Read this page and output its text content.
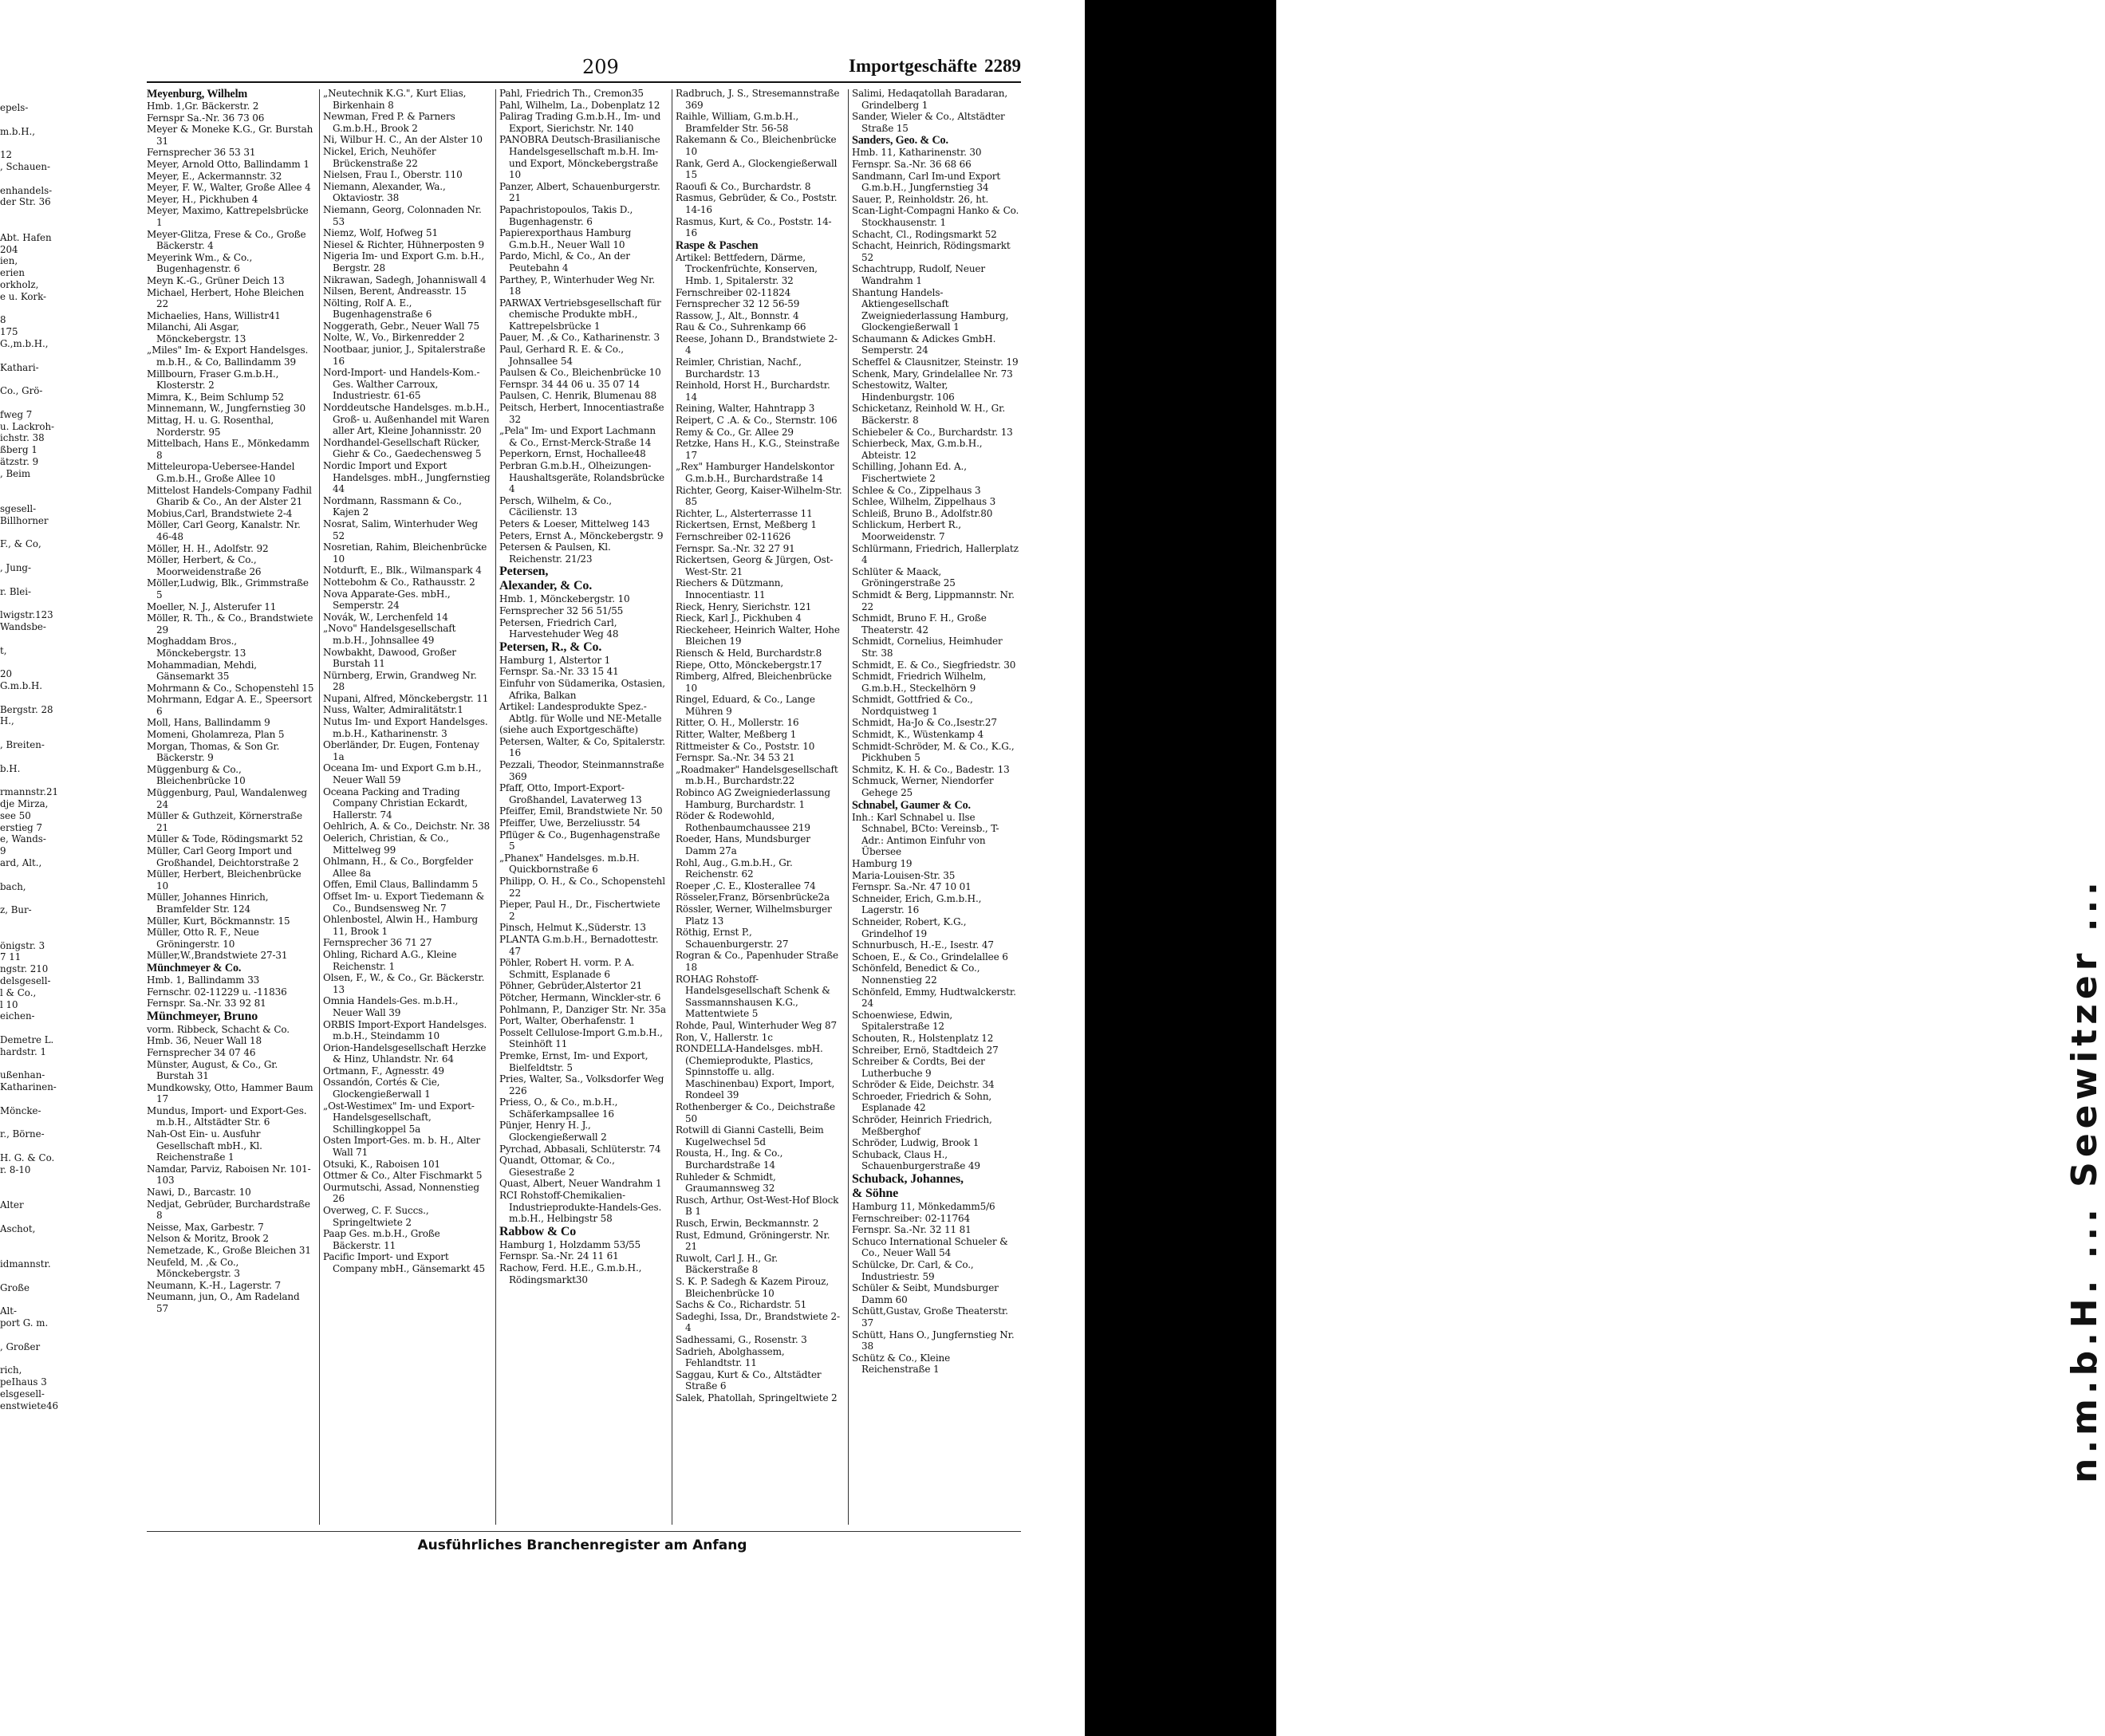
epels-

m.b.H.,

12
, Schauen-

enhandels-
der Str. 36

Abt. Hafen
204
ien,
erien
orkholz,
e u. Kork-

8
175
G.,m.b.H.,

Kathari-

Co., Grö-

fweg 7
u. Lackroh-
ichstr. 38
ßberg 1
ätzstr. 9
, Beim

sgesell-
Billhorner

F., & Co,

, Jung-

r. Blei-

lwigstr.123
Wandsbe-

t,

20
G.m.b.H.

Bergstr. 28
H.,

, Breiten-

b.H.

rmannstr.21
dje Mirza,
see 50
erstieg 7
e, Wands-
9
ard, Alt.,

bach,

z, Bur-

önigstr. 3
7 11
ngstr. 210
delsgesell-
l & Co.,
l 10
eichen-

Demetre L.
hardstr. 1

ußenhan-
Katharinen-

Möncke-

r., Börne-

H. G. & Co.
r. 8-10

Alter

Aschot,

idmannstr.

Große

Alt-
port G. m.

, Großer

rich,
peIhaus 3
elsgesell-
enstwiete46
209	Importgeschäfte 2289
Meyenburg, Wilhelm
Hmb. 1,Gr. Bäckerstr. 2
Fernspr Sa.-Nr. 36 73 06
Meyer & Moneke K.G., Gr. Burstah 31
Fernsprecher 36 53 31
Meyer, Arnold Otto, Ballindamm 1
Meyer, E., Ackermannstr. 32
Meyer, F. W., Walter, Große Allee 4
Meyer, H., Pickhuben 4
Meyer, Maximo, Kattrepelsbrücke 1
Meyer-Glitza, Frese & Co., Große Bäckerstr. 4
Meyerink Wm., & Co., Bugenhagenstr. 6
Meyn K.-G., Grüner Deich 13
Michael, Herbert, Hohe Bleichen 22
Michaelies, Hans, Willistr41
Milanchi, Ali Asgar, Mönckebergstr. 13
„Miles" Im- & Export Handelsges. m.b.H., & Co, Ballindamm 39
Millbourn, Fraser G.m.b.H., Klosterstr. 2
Mimra, K., Beim Schlump 52
Minnemann, W., Jungfernstieg 30
Mittag, H. u. G. Rosenthal, Norderstr. 95
Mittelbach, Hans E., Mönkedamm 8
Mitteleuropa-Uebersee-Handel G.m.b.H., Große Allee 10
Mittelost Handels-Company Fadhil Gharib & Co., An der Alster 21
Mobius,Carl, Brandstwiete 2-4
Möller, Carl Georg, Kanalstr. Nr. 46-48
Möller, H. H., Adolfstr. 92
Möller, Herbert, & Co., Moorweidenstraße 26
Möller,Ludwig, Blk., Grimmstraße 5
Moeller, N. J., Alsterufer 11
Möller, R. Th., & Co., Brandstwiete 29
Moghaddam Bros., Mönckebergstr. 13
Mohammadian, Mehdi, Gänsemarkt 35
Mohrmann & Co., Schopenstehl 15
Mohrmann, Edgar A. E., Speersort 6
Moll, Hans, Ballindamm 9
Momeni, Gholamreza, Plan 5
Morgan, Thomas, & Son Gr. Bäckerstr. 9
Müggenburg & Co., Bleichenbrücke 10
Müggenburg, Paul, Wandalenweg 24
Müller & Guthzeit, Körnerstraße 21
Müller & Tode, Rödingsmarkt 52
Müller, Carl Georg Import und Großhandel, Deichtorstraße 2
Müller, Herbert, Bleichenbrücke 10
Müller, Johannes Hinrich, Bramfelder Str. 124
Müller, Kurt, Böckmannstr. 15
Müller, Otto R. F., Neue Gröningerstr. 10
Müller,W.,Brandstwiete 27-31
Münchmeyer & Co.
Hmb. 1, Ballindamm 33
Fernschr. 02-11229 u. -11836
Fernspr. Sa.-Nr. 33 92 81
Münchmeyer, Bruno
vorm. Ribbeck, Schacht & Co.
Hmb. 36, Neuer Wall 18
Fernsprecher 34 07 46
Münster, August, & Co., Gr. Burstah 31
Mundkowsky, Otto, Hammer Baum 17
Mundus, Import- und Export-Ges. m.b.H., Altstädter Str. 6
Nah-Ost Ein- u. Ausfuhr Gesellschaft mbH., Kl. Reichenstraße 1
Namdar, Parviz, Raboisen Nr. 101-103
Nawi, D., Barcastr. 10
Nedjat, Gebrüder, Burchardstraße 8
Neisse, Max, Garbestr. 7
Nelson & Moritz, Brook 2
Nemetzade, K., Große Bleichen 31
Neufeld, M. ,& Co., Mönckebergstr. 3
Neumann, K.-H., Lagerstr. 7
Neumann, jun, O., Am Radeland 57
„Neutechnik K.G.", Kurt Elias, Birkenhain 8
Newman, Fred P. & Parners G.m.b.H., Brook 2
Ni, Wilbur H. C., An der Alster 10
Nickel, Erich, Neuhöfer Brückenstraße 22
Nielsen, Frau I., Oberstr. 110
Niemann, Alexander, Wa., Oktaviostr. 38
Niemann, Georg, Colonnaden Nr. 53
Niemz, Wolf, Hofweg 51
Niesel & Richter, Hühnerposten 9
Nigeria Im- und Export G.m. b.H., Bergstr. 28
Nikrawan, Sadegh, Johanniswall 4
Nilsen, Berent, Andreasstr. 15
Nölting, Rolf A. E., Bugenhagenstraße 6
Noggerath, Gebr., Neuer Wall 75
Nolte, W., Vo., Birkenredder 2
Nootbaar, junior, J., Spitalerstraße 16
Nord-Import- und Handels-Kom.-Ges. Walther Carroux, Industriestr. 61-65
Norddeutsche Handelsges. m.b.H., Groß- u. Außenhandel mit Waren aller Art, Kleine Johannisstr. 20
Nordhandel-Gesellschaft Rücker, Giehr & Co., Gaedechensweg 5
Nordic Import und Export Handelsges. mbH., Jungfernstieg 44
Nordmann, Rassmann & Co., Kajen 2
Nosrat, Salim, Winterhuder Weg 52
Nosretian, Rahim, Bleichenbrücke 10
Notdurft, E., Blk., Wilmanspark 4
Nottebohm & Co., Rathausstr. 2
Nova Apparate-Ges. mbH., Semperstr. 24
Novák, W., Lerchenfeld 14
„Novo" Handelsgesellschaft m.b.H., Johnsallee 49
Nowbakht, Dawood, Großer Burstah 11
Nürnberg, Erwin, Grandweg Nr. 28
Nupani, Alfred, Mönckebergstr. 11
Nuss, Walter, Admiralitätstr.1
Nutus Im- und Export Handelsges. m.b.H., Katharinenstr. 3
Oberländer, Dr. Eugen, Fontenay 1a
Oceana Im- und Export G.m b.H., Neuer Wall 59
Oceana Packing and Trading Company Christian Eckardt, Hallerstr. 74
Oehlrich, A. & Co., Deichstr. Nr. 38
Oelerich, Christian, & Co., Mittelweg 99
Ohlmann, H., & Co., Borgfelder Allee 8a
Offen, Emil Claus, Ballindamm 5
Offset Im- u. Export Tiedemann & Co., Bundsensweg Nr. 7
Ohlenbostel, Alwin H., Hamburg 11, Brook 1
Fernsprecher 36 71 27
Ohling, Richard A.G., Kleine Reichenstr. 1
Olsen, F., W., & Co., Gr. Bäckerstr. 13
Omnia Handels-Ges. m.b.H., Neuer Wall 39
ORBIS Import-Export Handelsges. m.b.H., Steindamm 10
Orion-Handelsgesellschaft Herzke & Hinz, Uhlandstr. Nr. 64
Ortmann, F., Agnesstr. 49
Ossandón, Cortés & Cie, Glockengießerwall 1
„Ost-Westimex" Im- und Export-Handelsgesellschaft, Schillingkoppel 5a
Osten Import-Ges. m. b. H., Alter Wall 71
Otsuki, K., Raboisen 101
Ottmer & Co., Alter Fischmarkt 5
Ourmutschi, Assad, Nonnenstieg 26
Overweg, C. F. Succs., Springeltwiete 2
Paap Ges. m.b.H., Große Bäckerstr. 11
Pacific Import- und Export Company mbH., Gänsemarkt 45
Pahl, Friedrich Th., Cremon35
Pahl, Wilhelm, La., Dobenplatz 12
Palirag Trading G.m.b.H., Im- und Export, Sierichstr. Nr. 140
PANOBRA Deutsch-Brasilianische Handelsgesellschaft m.b.H. Im-und Export, Mönckebergstraße 10
Panzer, Albert, Schauenburgerstr. 21
Papachristopoulos, Takis D., Bugenhagenstr. 6
Papierexporthaus Hamburg G.m.b.H., Neuer Wall 10
Pardo, Michl, & Co., An der Peutebahn 4
Parthey, P., Winterhuder Weg Nr. 18
PARWAX Vertriebsgesellschaft für chemische Produkte mbH., Kattrepelsbrücke 1
Pauer, M. ,& Co., Katharinenstr. 3
Paul, Gerhard R. E. & Co., Johnsallee 54
Paulsen & Co., Bleichenbrücke 10
Fernspr. 34 44 06 u. 35 07 14
Paulsen, C. Henrik, Blumenau 88
Peitsch, Herbert, Innocentiastraße 32
„Pela" Im- und Export Lachmann & Co., Ernst-Merck-Straße 14
Peperkorn, Ernst, Hochallee48
Perbran G.m.b.H., Olheizungen-Haushaltsgeräte, Rolandsbrücke 4
Persch, Wilhelm, & Co., Cäcilienstr. 13
Peters & Loeser, Mittelweg 143
Peters, Ernst A., Mönckebergstr. 9
Petersen & Paulsen, Kl. Reichenstr. 21/23
Petersen,
Alexander, & Co.
Hmb. 1, Mönckebergstr. 10
Fernsprecher 32 56 51/55
Petersen, Friedrich Carl, Harvestehuder Weg 48
Petersen, R., & Co.
Hamburg 1, Alstertor 1
Fernspr. Sa.-Nr. 33 15 41
Einfuhr von Südamerika, Ostasien, Afrika, Balkan
Artikel: Landesprodukte Spez.-Abtlg. für Wolle und NE-Metalle
(siehe auch Exportgeschäfte)
Petersen, Walter, & Co, Spitalerstr. 16
Pezzali, Theodor, Steinmannstraße 369
Pfaff, Otto, Import-Export-Großhandel, Lavaterweg 13
Pfeiffer, Emil, Brandstwiete Nr. 50
Pfeiffer, Uwe, Berzeliusstr. 54
Pflüger & Co., Bugenhagenstraße 5
„Phanex" Handelsges. m.b.H. Quickbornstraße 6
Philipp, O. H., & Co., Schopenstehl 22
Pieper, Paul H., Dr., Fischertwiete 2
Pinsch, Helmut K.,Süderstr. 13
PLANTA G.m.b.H., Bernadottestr. 47
Pöhler, Robert H. vorm. P. A. Schmitt, Esplanade 6
Pöhner, Gebrüder,Alstertor 21
Pötcher, Hermann, Winckler-str. 6
Pohlmann, P., Danziger Str. Nr. 35a
Port, Walter, Oberhafenstr. 1
Posselt Cellulose-Import G.m.b.H., Steinhöft 11
Premke, Ernst, Im- und Export, Bielfeldtstr. 5
Pries, Walter, Sa., Volksdorfer Weg 226
Priess, O., & Co., m.b.H., Schäferkampsallee 16
Pünjer, Henry H. J., Glockengießerwall 2
Pyrchad, Abbasali, Schlüterstr. 74
Quandt, Ottomar, & Co., Giesestraße 2
Quast, Albert, Neuer Wandrahm 1
RCI Rohstoff-Chemikalien-Industrieprodukte-Handels-Ges. m.b.H., Helbingstr 58
Rabbow & Co
Hamburg 1, Holzdamm 53/55
Fernspr. Sa.-Nr. 24 11 61
Rachow, Ferd. H.E., G.m.b.H., Rödingsmarkt30
Radbruch, J. S., Stresemannstraße 369
Raihle, William, G.m.b.H., Bramfelder Str. 56-58
Rakemann & Co., Bleichenbrücke 10
Rank, Gerd A., Glockengießerwall 15
Raoufi & Co., Burchardstr. 8
Rasmus, Gebrüder, & Co., Poststr. 14-16
Rasmus, Kurt, & Co., Poststr. 14-16
Raspe & Paschen
Artikel: Bettfedern, Därme, Trockenfrüchte, Konserven, Hmb. 1, Spitalerstr. 32
Fernschreiber 02-11824
Fernsprecher 32 12 56-59
Rassow, J., Alt., Bonnstr. 4
Rau & Co., Suhrenkamp 66
Reese, Johann D., Brandstwiete 2-4
Reimler, Christian, Nachf., Burchardstr. 13
Reinhold, Horst H., Burchardstr. 14
Reining, Walter, Hahntrapp 3
Reipert, C .A. & Co., Sternstr. 106
Remy & Co., Gr. Allee 29
Retzke, Hans H., K.G., Steinstraße 17
„Rex" Hamburger Handelskontor G.m.b.H., Burchardstraße 14
Richter, Georg, Kaiser-Wilhelm-Str. 85
Richter, L., Alsterterrasse 11
Rickertsen, Ernst, Meßberg 1
Fernschreiber 02-11626
Fernspr. Sa.-Nr. 32 27 91
Rickertsen, Georg & Jürgen, Ost-West-Str. 21
Riechers & Dützmann, Innocentiastr. 11
Rieck, Henry, Sierichstr. 121
Rieck, Karl J., Pickhuben 4
Rieckeheer, Heinrich Walter, Hohe Bleichen 19
Riensch & Held, Burchardstr.8
Riepe, Otto, Mönckebergstr.17
Rimberg, Alfred, Bleichenbrücke 10
Ringel, Eduard, & Co., Lange Mühren 9
Ritter, O. H., Mollerstr. 16
Ritter, Walter, Meßberg 1
Rittmeister & Co., Poststr. 10
Fernspr. Sa.-Nr. 34 53 21
„Roadmaker" Handelsgesellschaft m.b.H., Burchardstr.22
Robinco AG Zweigniederlassung Hamburg, Burchardstr. 1
Röder & Rodewohld, Rothenbaumchaussee 219
Roeder, Hans, Mundsburger Damm 27a
Rohl, Aug., G.m.b.H., Gr. Reichenstr. 62
Roeper ,C. E., Klosterallee 74
Rösseler,Franz, Börsenbrücke2a
Rössler, Werner, Wilhelmsburger Platz 13
Röthig, Ernst P., Schauenburgerstr. 27
Rogran & Co., Papenhuder Straße 18
ROHAG Rohstoff-Handelsgesellschaft Schenk & Sassmannshausen K.G., Mattentwiete 5
Rohde, Paul, Winterhuder Weg 87
Ron, V., Hallerstr. 1c
RONDELLA-Handelsges. mbH. (Chemieprodukte, Plastics, Spinnstoffe u. allg. Maschinenbau) Export, Import, Rondeel 39
Rothenberger & Co., Deichstraße 50
Rotwill di Gianni Castelli, Beim Kugelwechsel 5d
Rousta, H., Ing. & Co., Burchardstraße 14
Ruhleder & Schmidt, Graumannsweg 32
Rusch, Arthur, Ost-West-Hof Block B 1
Rusch, Erwin, Beckmannstr. 2
Rust, Edmund, Gröningerstr. Nr. 21
Ruwolt, Carl J. H., Gr. Bäckerstraße 8
S. K. P. Sadegh & Kazem Pirouz, Bleichenbrücke 10
Sachs & Co., Richardstr. 51
Sadeghi, Issa, Dr., Brandstwiete 2-4
Sadhessami, G., Rosenstr. 3
Sadrieh, Abolghassem, Fehlandtstr. 11
Saggau, Kurt & Co., Altstädter Straße 6
Salek, Phatollah, Springeltwiete 2
Salimi, Hedaqatollah Baradaran, Grindelberg 1
Sander, Wieler & Co., Altstädter Straße 15
Sanders, Geo. & Co.
Hmb. 11, Katharinenstr. 30
Fernspr. Sa.-Nr. 36 68 66
Sandmann, Carl Im-und Export G.m.b.H., Jungfernstieg 34
Sauer, P., Reinholdstr. 26, ht.
Scan-Light-Compagni Hanko & Co. Stockhausenstr. 1
Schacht, Cl., Rodingsmarkt 52
Schacht, Heinrich, Rödingsmarkt 52
Schachtrupp, Rudolf, Neuer Wandrahm 1
Shantung Handels-Aktiengesellschaft Zweigniederlassung Hamburg, Glockengießerwall 1
Schaumann & Adickes GmbH. Semperstr. 24
Scheffel & Clausnitzer, Steinstr. 19
Schenk, Mary, Grindelallee Nr. 73
Schestowitz, Walter, Hindenburgstr. 106
Schicketanz, Reinhold W. H., Gr. Bäckerstr. 8
Schiebeler & Co., Burchardstr. 13
Schierbeck, Max, G.m.b.H., Abteistr. 12
Schilling, Johann Ed. A., Fischertwiete 2
Schlee & Co., Zippelhaus 3
Schlee, Wilhelm, Zippelhaus 3
Schleiß, Bruno B., Adolfstr.80
Schlickum, Herbert R., Moorweidenstr. 7
Schlürmann, Friedrich, Hallerplatz 4
Schlüter & Maack, Gröningerstraße 25
Schmidt & Berg, Lippmannstr. Nr. 22
Schmidt, Bruno F. H., Große Theaterstr. 42
Schmidt, Cornelius, Heimhuder Str. 38
Schmidt, E. & Co., Siegfriedstr. 30
Schmidt, Friedrich Wilhelm, G.m.b.H., Steckelhörn 9
Schmidt, Gottfried & Co., Nordquistweg 1
Schmidt, Ha-Jo & Co.,Isestr.27
Schmidt, K., Wüstenkamp 4
Schmidt-Schröder, M. & Co., K.G., Pickhuben 5
Schmitz, K. H. & Co., Badestr. 13
Schmuck, Werner, Niendorfer Gehege 25
Schnabel, Gaumer & Co.
Inh.: Karl Schnabel u. Ilse Schnabel, BCto: Vereinsb., T-Adr.: Antimon Einfuhr von Übersee
Hamburg 19
Maria-Louisen-Str. 35
Fernspr. Sa.-Nr. 47 10 01
Schneider, Erich, G.m.b.H., Lagerstr. 16
Schneider, Robert, K.G., Grindelhof 19
Schnurbusch, H.-E., Isestr. 47
Schoen, E., & Co., Grindelallee 6
Schönfeld, Benedict & Co., Nonnenstieg 22
Schönfeld, Emmy, Hudtwalckerstr. 24
Schoenwiese, Edwin, Spitalerstraße 12
Schouten, R., Holstenplatz 12
Schreiber, Ernö, Stadtdeich 27
Schreiber & Cordts, Bei der Lutherbuche 9
Schröder & Eide, Deichstr. 34
Schroeder, Friedrich & Sohn, Esplanade 42
Schröder, Heinrich Friedrich, Meßberghof
Schröder, Ludwig, Brook 1
Schuback, Claus H., Schauenburgerstraße 49
Schuback, Johannes,
& Söhne
Hamburg 11, Mönkedamm5/6
Fernschreiber: 02-11764
Fernspr. Sa.-Nr. 32 11 81
Schuco International Schueler & Co., Neuer Wall 54
Schülcke, Dr. Carl, & Co., Industriestr. 59
Schüler & Seibt, Mundsburger Damm 60
Schütt,Gustav, Große Theaterstr. 37
Schütt, Hans O., Jungfernstieg Nr. 38
Schütz & Co., Kleine Reichenstraße 1
Ausführliches Branchenregister am Anfang
n.m.b.H. ... Seewitzer ...
